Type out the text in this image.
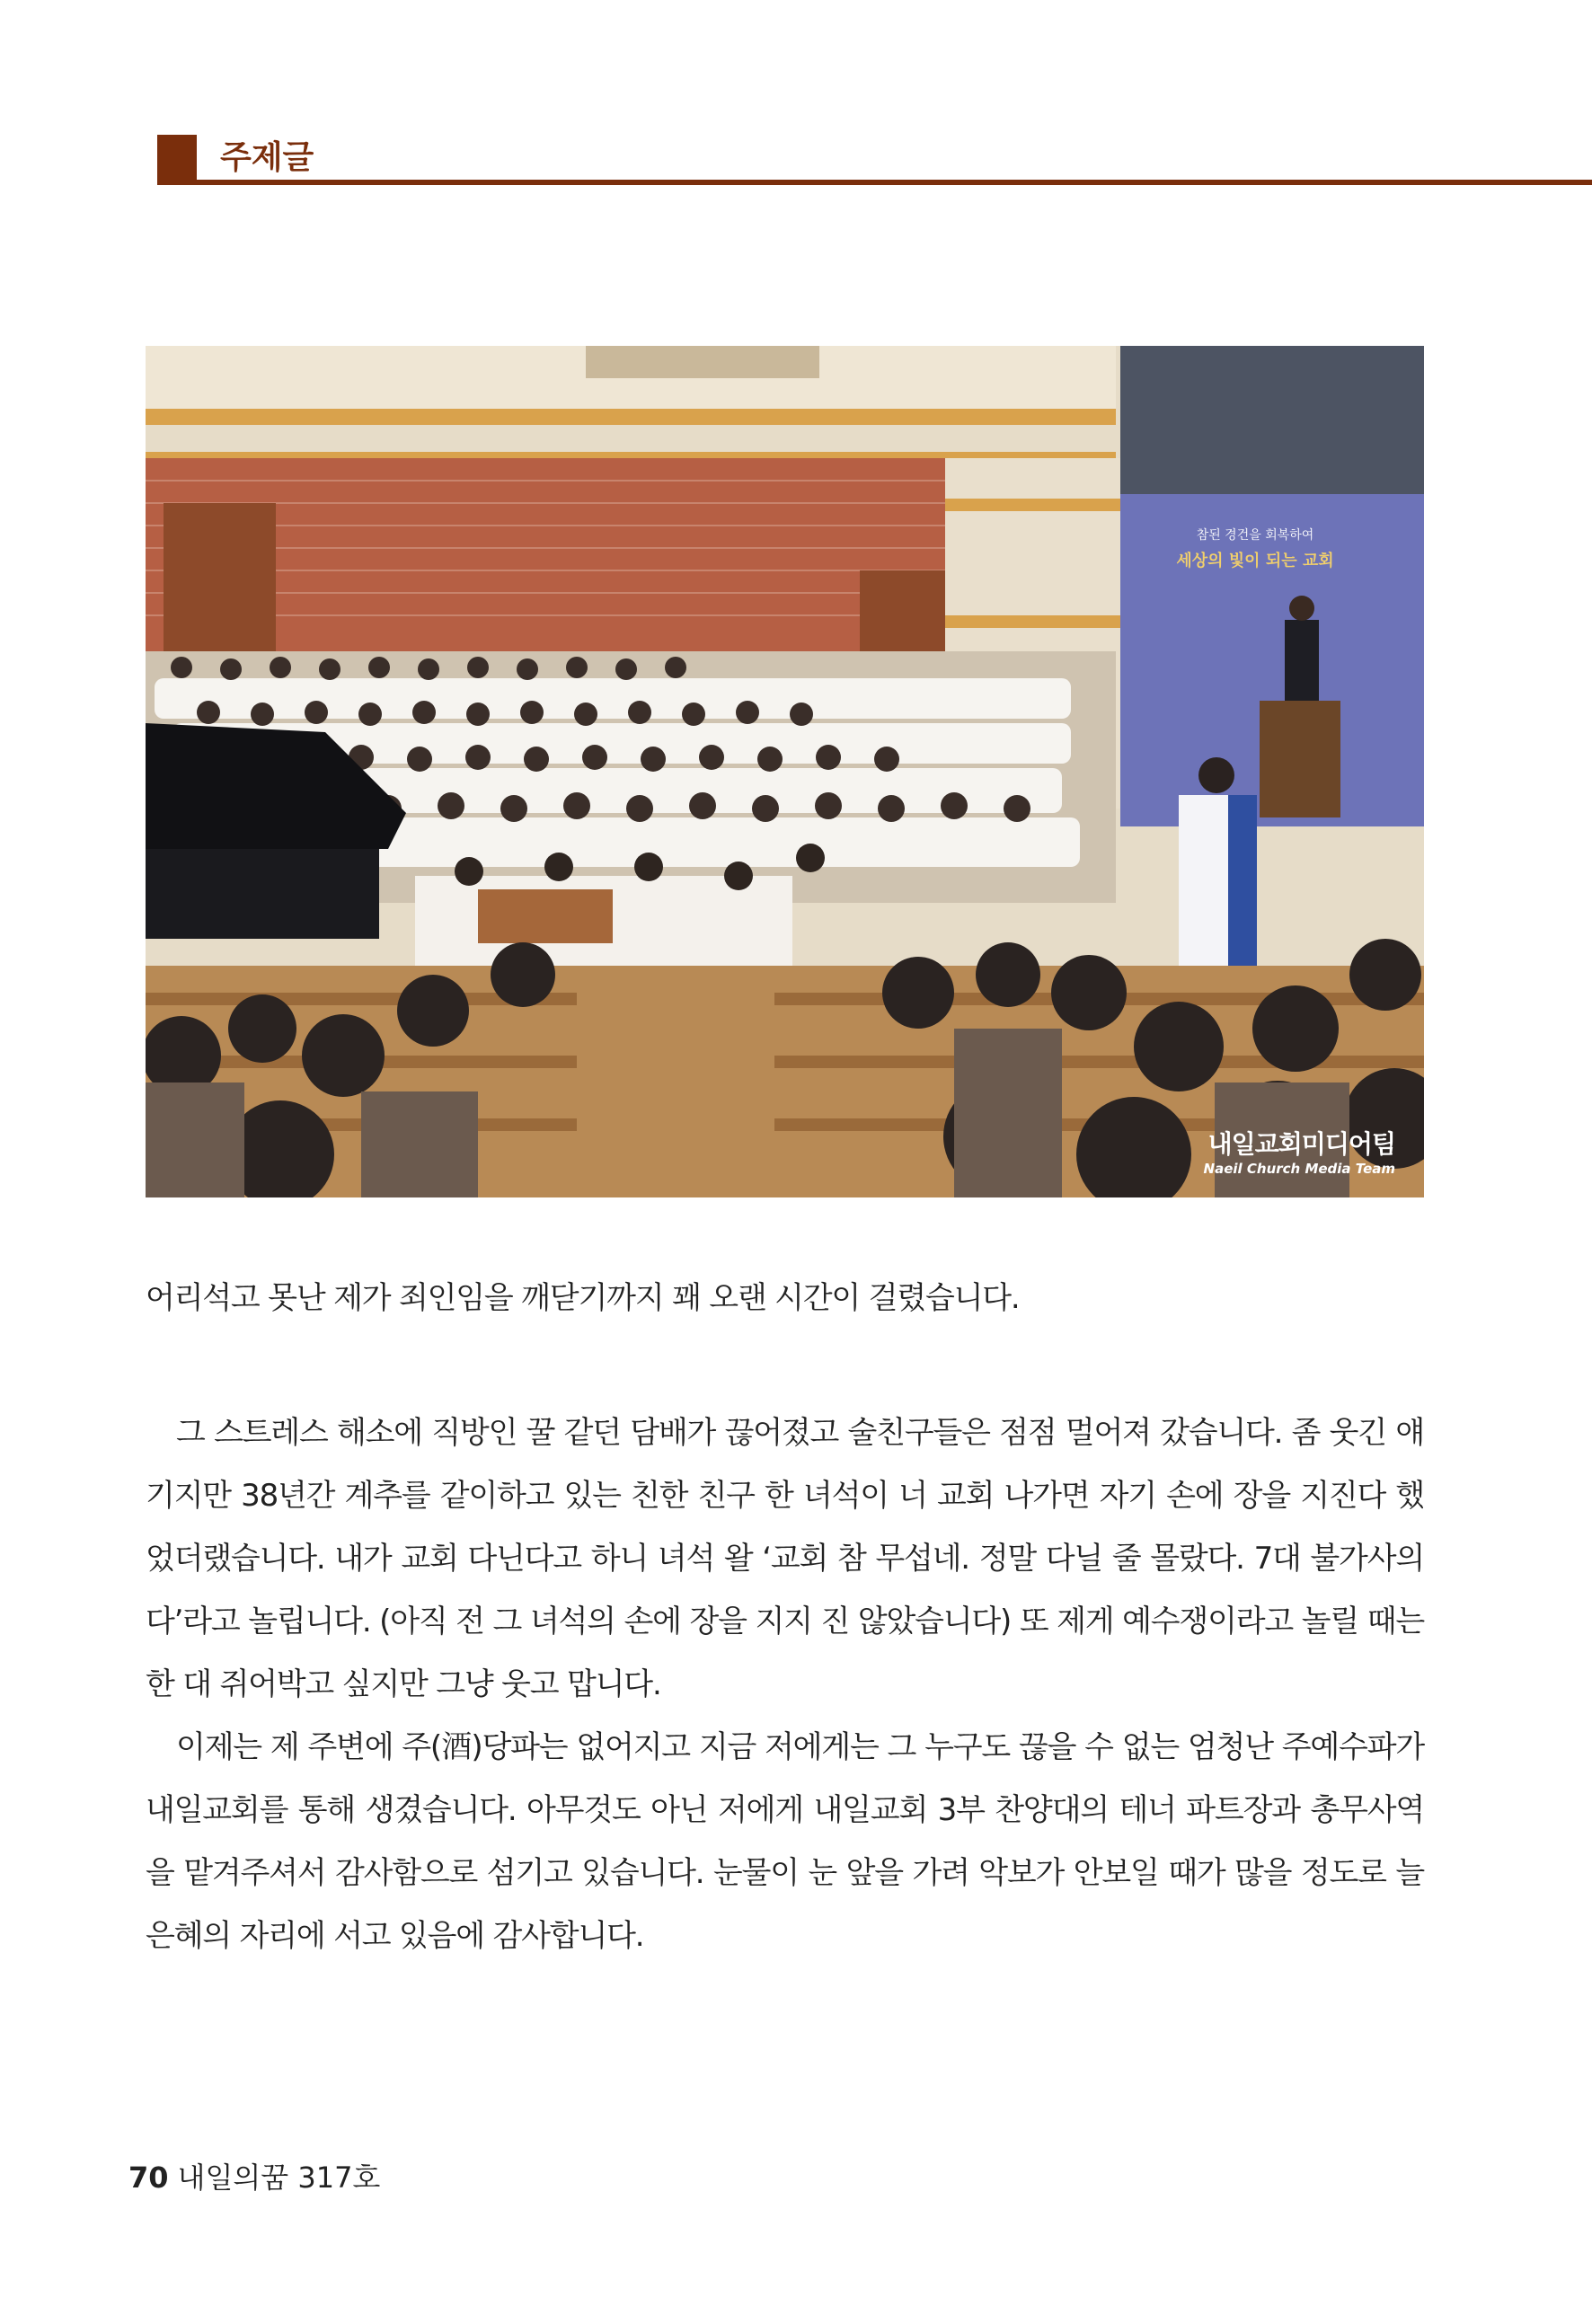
주제글
참된 경건을 회복하여
세상의 빛이 되는 교회
내일교회미디어팀
Naeil Church Media Team
어리석고 못난 제가 죄인임을 깨닫기까지 꽤 오랜 시간이 걸렸습니다.

그 스트레스 해소에 직방인 꿀 같던 담배가 끊어졌고 술친구들은 점점 멀어져 갔습니다. 좀 웃긴 얘기지만 38년간 계추를 같이하고 있는 친한 친구 한 녀석이 너 교회 나가면 자기 손에 장을 지진다 했었더랬습니다. 내가 교회 다닌다고 하니 녀석 왈 ‘교회 참 무섭네. 정말 다닐 줄 몰랐다. 7대 불가사의다’라고 놀립니다. (아직 전 그 녀석의 손에 장을 지지 진 않았습니다) 또 제게 예수쟁이라고 놀릴 때는 한 대 쥐어박고 싶지만 그냥 웃고 맙니다.

이제는 제 주변에 주(酒)당파는 없어지고 지금 저에게는 그 누구도 끊을 수 없는 엄청난 주예수파가 내일교회를 통해 생겼습니다. 아무것도 아닌 저에게 내일교회 3부 찬양대의 테너 파트장과 총무사역을 맡겨주셔서 감사함으로 섬기고 있습니다. 눈물이 눈 앞을 가려 악보가 안보일 때가 많을 정도로 늘 은혜의 자리에 서고 있음에 감사합니다.

70 내일의꿈 317호
